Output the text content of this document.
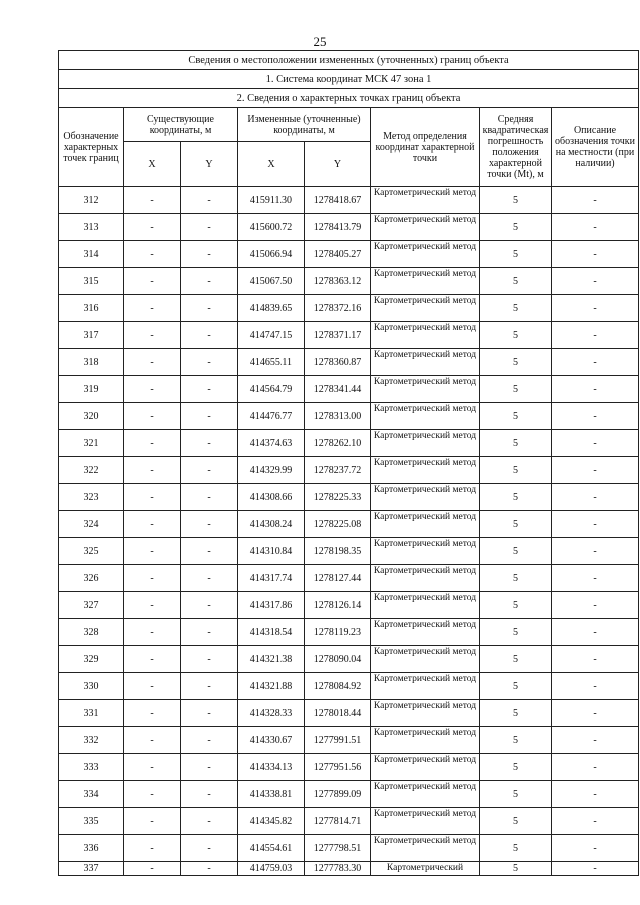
25
Сведения о местоположении измененных (уточненных) границ объекта							
1. Система координат МСК 47 зона 1							
2. Сведения о характерных точках границ объекта							
Обозначение характерных точек границ	Существующие координаты, м		Измененные (уточненные) координаты, м		Метод определения координат характерной точки	Средняя квадратическая погрешность положения характерной точки (Mt), м	Описание обозначения точки на местности (при наличии)
	X	Y	X	Y			
312	-	-	415911.30	1278418.67	Картометрический метод	5	-
313	-	-	415600.72	1278413.79	Картометрический метод	5	-
314	-	-	415066.94	1278405.27	Картометрический метод	5	-
315	-	-	415067.50	1278363.12	Картометрический метод	5	-
316	-	-	414839.65	1278372.16	Картометрический метод	5	-
317	-	-	414747.15	1278371.17	Картометрический метод	5	-
318	-	-	414655.11	1278360.87	Картометрический метод	5	-
319	-	-	414564.79	1278341.44	Картометрический метод	5	-
320	-	-	414476.77	1278313.00	Картометрический метод	5	-
321	-	-	414374.63	1278262.10	Картометрический метод	5	-
322	-	-	414329.99	1278237.72	Картометрический метод	5	-
323	-	-	414308.66	1278225.33	Картометрический метод	5	-
324	-	-	414308.24	1278225.08	Картометрический метод	5	-
325	-	-	414310.84	1278198.35	Картометрический метод	5	-
326	-	-	414317.74	1278127.44	Картометрический метод	5	-
327	-	-	414317.86	1278126.14	Картометрический метод	5	-
328	-	-	414318.54	1278119.23	Картометрический метод	5	-
329	-	-	414321.38	1278090.04	Картометрический метод	5	-
330	-	-	414321.88	1278084.92	Картометрический метод	5	-
331	-	-	414328.33	1278018.44	Картометрический метод	5	-
332	-	-	414330.67	1277991.51	Картометрический метод	5	-
333	-	-	414334.13	1277951.56	Картометрический метод	5	-
334	-	-	414338.81	1277899.09	Картометрический метод	5	-
335	-	-	414345.82	1277814.71	Картометрический метод	5	-
336	-	-	414554.61	1277798.51	Картометрический метод	5	-
337	-	-	414759.03	1277783.30	Картометрический	5	-
